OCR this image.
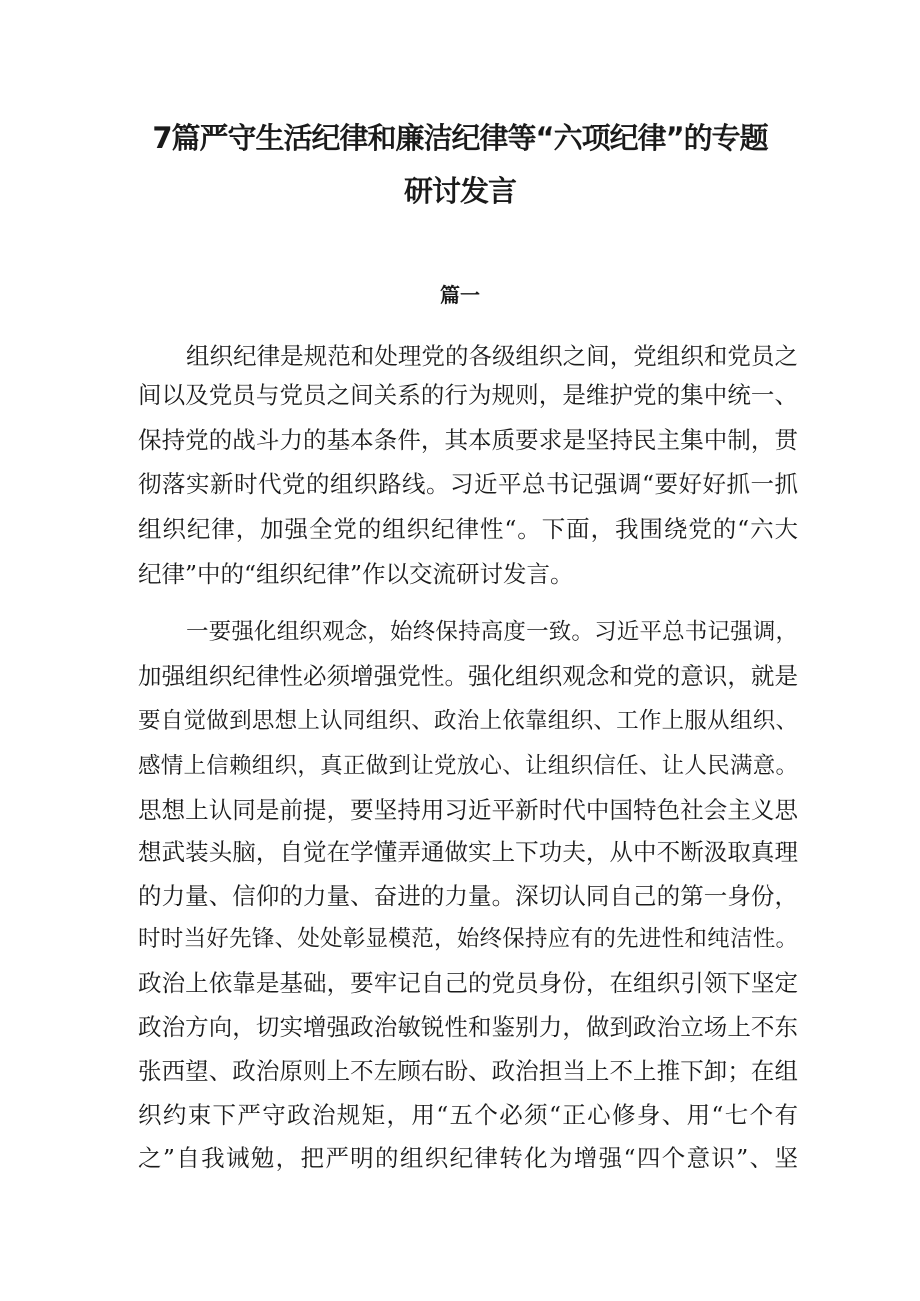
7篇严守生活纪律和廉洁纪律等“六项纪律”的专题
研讨发言
篇一
组织纪律是规范和处理党的各级组织之间，党组织和党员之
间以及党员与党员之间关系的行为规则，是维护党的集中统一、
保持党的战斗力的基本条件，其本质要求是坚持民主集中制，贯
彻落实新时代党的组织路线。习近平总书记强调“要好好抓一抓
组织纪律，加强全党的组织纪律性“。下面，我围绕党的“六大
纪律”中的“组织纪律”作以交流研讨发言。
一要强化组织观念，始终保持高度一致。习近平总书记强调，
加强组织纪律性必须增强党性。强化组织观念和党的意识，就是
要自觉做到思想上认同组织、政治上依靠组织、工作上服从组织、
感情上信赖组织，真正做到让党放心、让组织信任、让人民满意。
思想上认同是前提，要坚持用习近平新时代中国特色社会主义思
想武装头脑，自觉在学懂弄通做实上下功夫，从中不断汲取真理
的力量、信仰的力量、奋进的力量。深切认同自己的第一身份，
时时当好先锋、处处彰显模范，始终保持应有的先进性和纯洁性。
政治上依靠是基础，要牢记自己的党员身份，在组织引领下坚定
政治方向，切实增强政治敏锐性和鉴别力，做到政治立场上不东
张西望、政治原则上不左顾右盼、政治担当上不上推下卸；在组
织约束下严守政治规矩，用“五个必须“正心修身、用“七个有
之”自我诫勉，把严明的组织纪律转化为增强“四个意识”、坚
